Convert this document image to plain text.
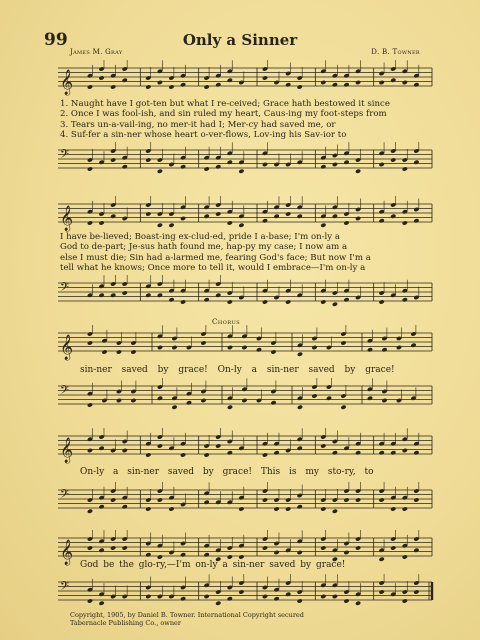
99	Only a Sinner
James M. Gray	D. B. Towner
𝄞
1. Naught have I got-ten but what I re-ceived; Grace hath bestowed it since
2. Once I was fool-ish, and sin ruled my heart, Caus-ing my foot-steps from
3. Tears un-a-vail-ing, no mer-it had I; Mer-cy had saved me, or
4. Suf-fer a sin-ner whose heart o-ver-flows, Lov-ing his Sav-ior to
𝄢
𝄞
I have be-lieved; Boast-ing ex-clud-ed, pride I a-base; I'm on-ly a
God to de-part; Je-sus hath found me, hap-py my case; I now am a
else I must die; Sin had a-larmed me, fearing God's face; But now I'm a
tell what he knows; Once more to tell it, would I embrace—I'm on-ly a
𝄢
Chorus
𝄞
sin-ner saved by grace! On-ly a sin-ner saved by grace!
𝄢
𝄞
On-ly a sin-ner saved by grace! This is my sto-ry, to
𝄢
𝄞 God be the glo-ry,—I'm on-ly a sin-ner saved by grace!
𝄢
Copyright, 1905, by Daniel B. Towner. International Copyright secured
Tabernacle Publishing Co., owner
